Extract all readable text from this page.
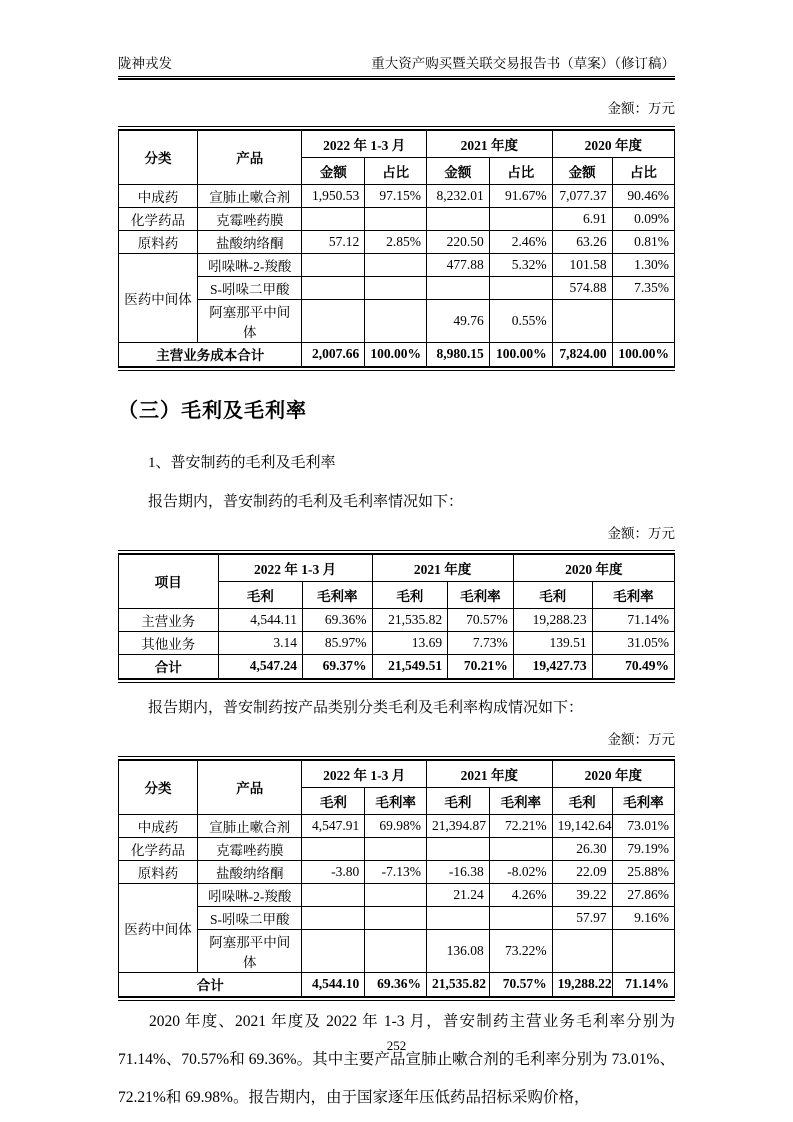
陇神戎发	重大资产购买暨关联交易报告书（草案）（修订稿）
金额：万元
分类	产品	2022 年 1-3 月		2021 年度		2020 年度	
		金额	占比	金额	占比	金额	占比
中成药	宣肺止嗽合剂	1,950.53	97.15%	8,232.01	91.67%	7,077.37	90.46%
化学药品	克霉唑药膜					6.91	0.09%
原料药	盐酸纳络酮	57.12	2.85%	220.50	2.46%	63.26	0.81%
医药中间体	吲哚啉-2-羧酸			477.88	5.32%	101.58	1.30%
	S-吲哚二甲酸					574.88	7.35%
	阿塞那平中间体			49.76	0.55%		
主营业务成本合计		2,007.66	100.00%	8,980.15	100.00%	7,824.00	100.00%
（三）毛利及毛利率
1、普安制药的毛利及毛利率
报告期内，普安制药的毛利及毛利率情况如下：
金额：万元
项目	2022 年 1-3 月		2021 年度		2020 年度	
	毛利	毛利率	毛利	毛利率	毛利	毛利率
主营业务	4,544.11	69.36%	21,535.82	70.57%	19,288.23	71.14%
其他业务	3.14	85.97%	13.69	7.73%	139.51	31.05%
合计	4,547.24	69.37%	21,549.51	70.21%	19,427.73	70.49%
报告期内，普安制药按产品类别分类毛利及毛利率构成情况如下：
金额：万元
分类	产品	2022 年 1-3 月		2021 年度		2020 年度	
		毛利	毛利率	毛利	毛利率	毛利	毛利率
中成药	宣肺止嗽合剂	4,547.91	69.98%	21,394.87	72.21%	19,142.64	73.01%
化学药品	克霉唑药膜					26.30	79.19%
原料药	盐酸纳络酮	-3.80	-7.13%	-16.38	-8.02%	22.09	25.88%
医药中间体	吲哚啉-2-羧酸			21.24	4.26%	39.22	27.86%
	S-吲哚二甲酸					57.97	9.16%
	阿塞那平中间体			136.08	73.22%		
合计		4,544.10	69.36%	21,535.82	70.57%	19,288.22	71.14%
2020 年度、2021 年度及 2022 年 1-3 月，普安制药主营业务毛利率分别为 71.14%、70.57%和 69.36%。其中主要产品宣肺止嗽合剂的毛利率分别为 73.01%、72.21%和 69.98%。报告期内，由于国家逐年压低药品招标采购价格，
252
